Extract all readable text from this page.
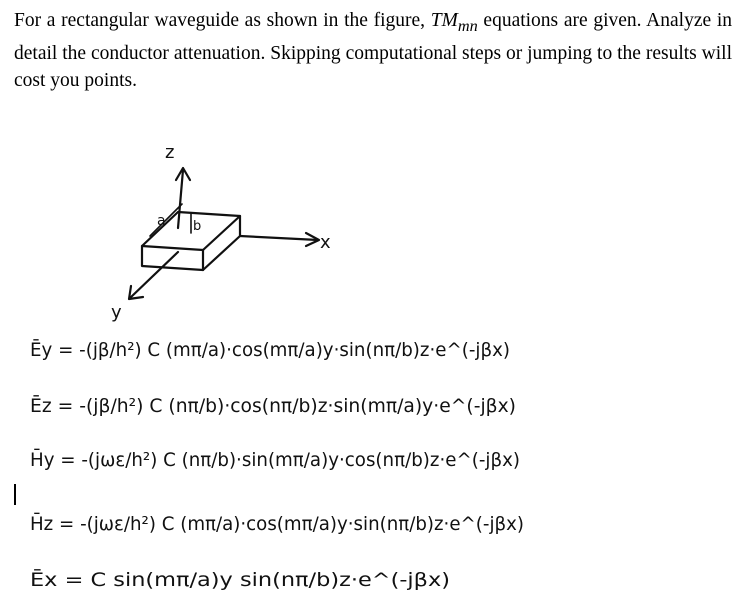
For a rectangular waveguide as shown in the figure, $TM_{mn}$ equations are given. Analyze in detail the conductor attenuation. Skipping computational steps or jumping to the results will cost you points.

z
x
y
b
a
Ēy = -(jβ/h²) C (mπ/a)·cos(mπ/a)y·sin(nπ/b)z·e^(-jβx)
Ēz = -(jβ/h²) C (nπ/b)·cos(nπ/b)z·sin(mπ/a)y·e^(-jβx)
H̄y = -(jωε/h²) C (nπ/b)·sin(mπ/a)y·cos(nπ/b)z·e^(-jβx)
H̄z = -(jωε/h²) C (mπ/a)·cos(mπ/a)y·sin(nπ/b)z·e^(-jβx)
Ēx = C sin(mπ/a)y sin(nπ/b)z·e^(-jβx)
